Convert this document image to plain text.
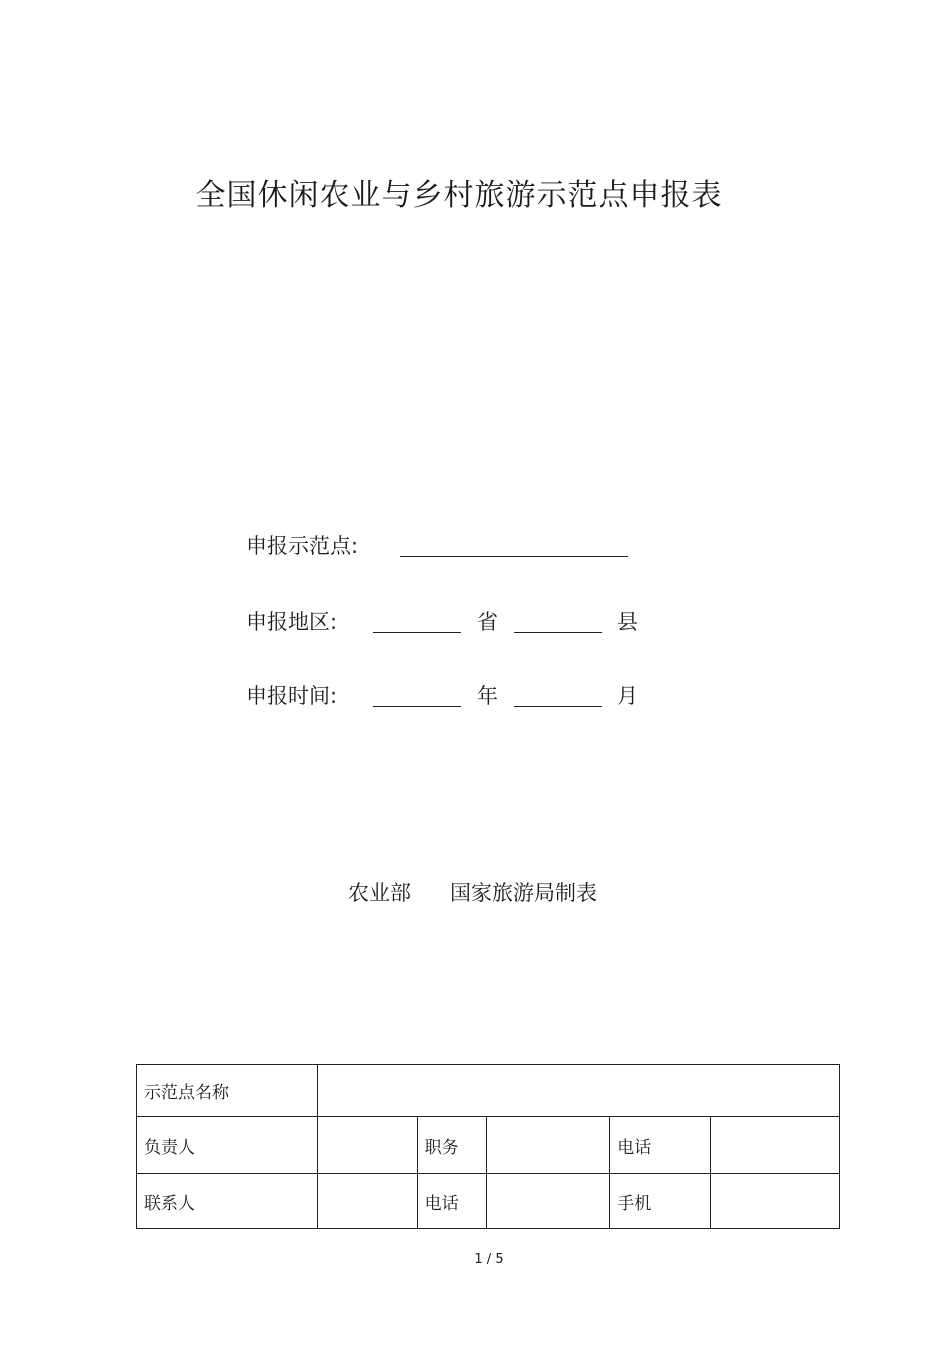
全国休闲农业与乡村旅游示范点申报表
申报示范点:
申报地区:	省	县
申报时间:	年	月
农业部 国家旅游局制表
示范点名称					
负责人		职务		电话	
联系人		电话		手机	
1 / 5
